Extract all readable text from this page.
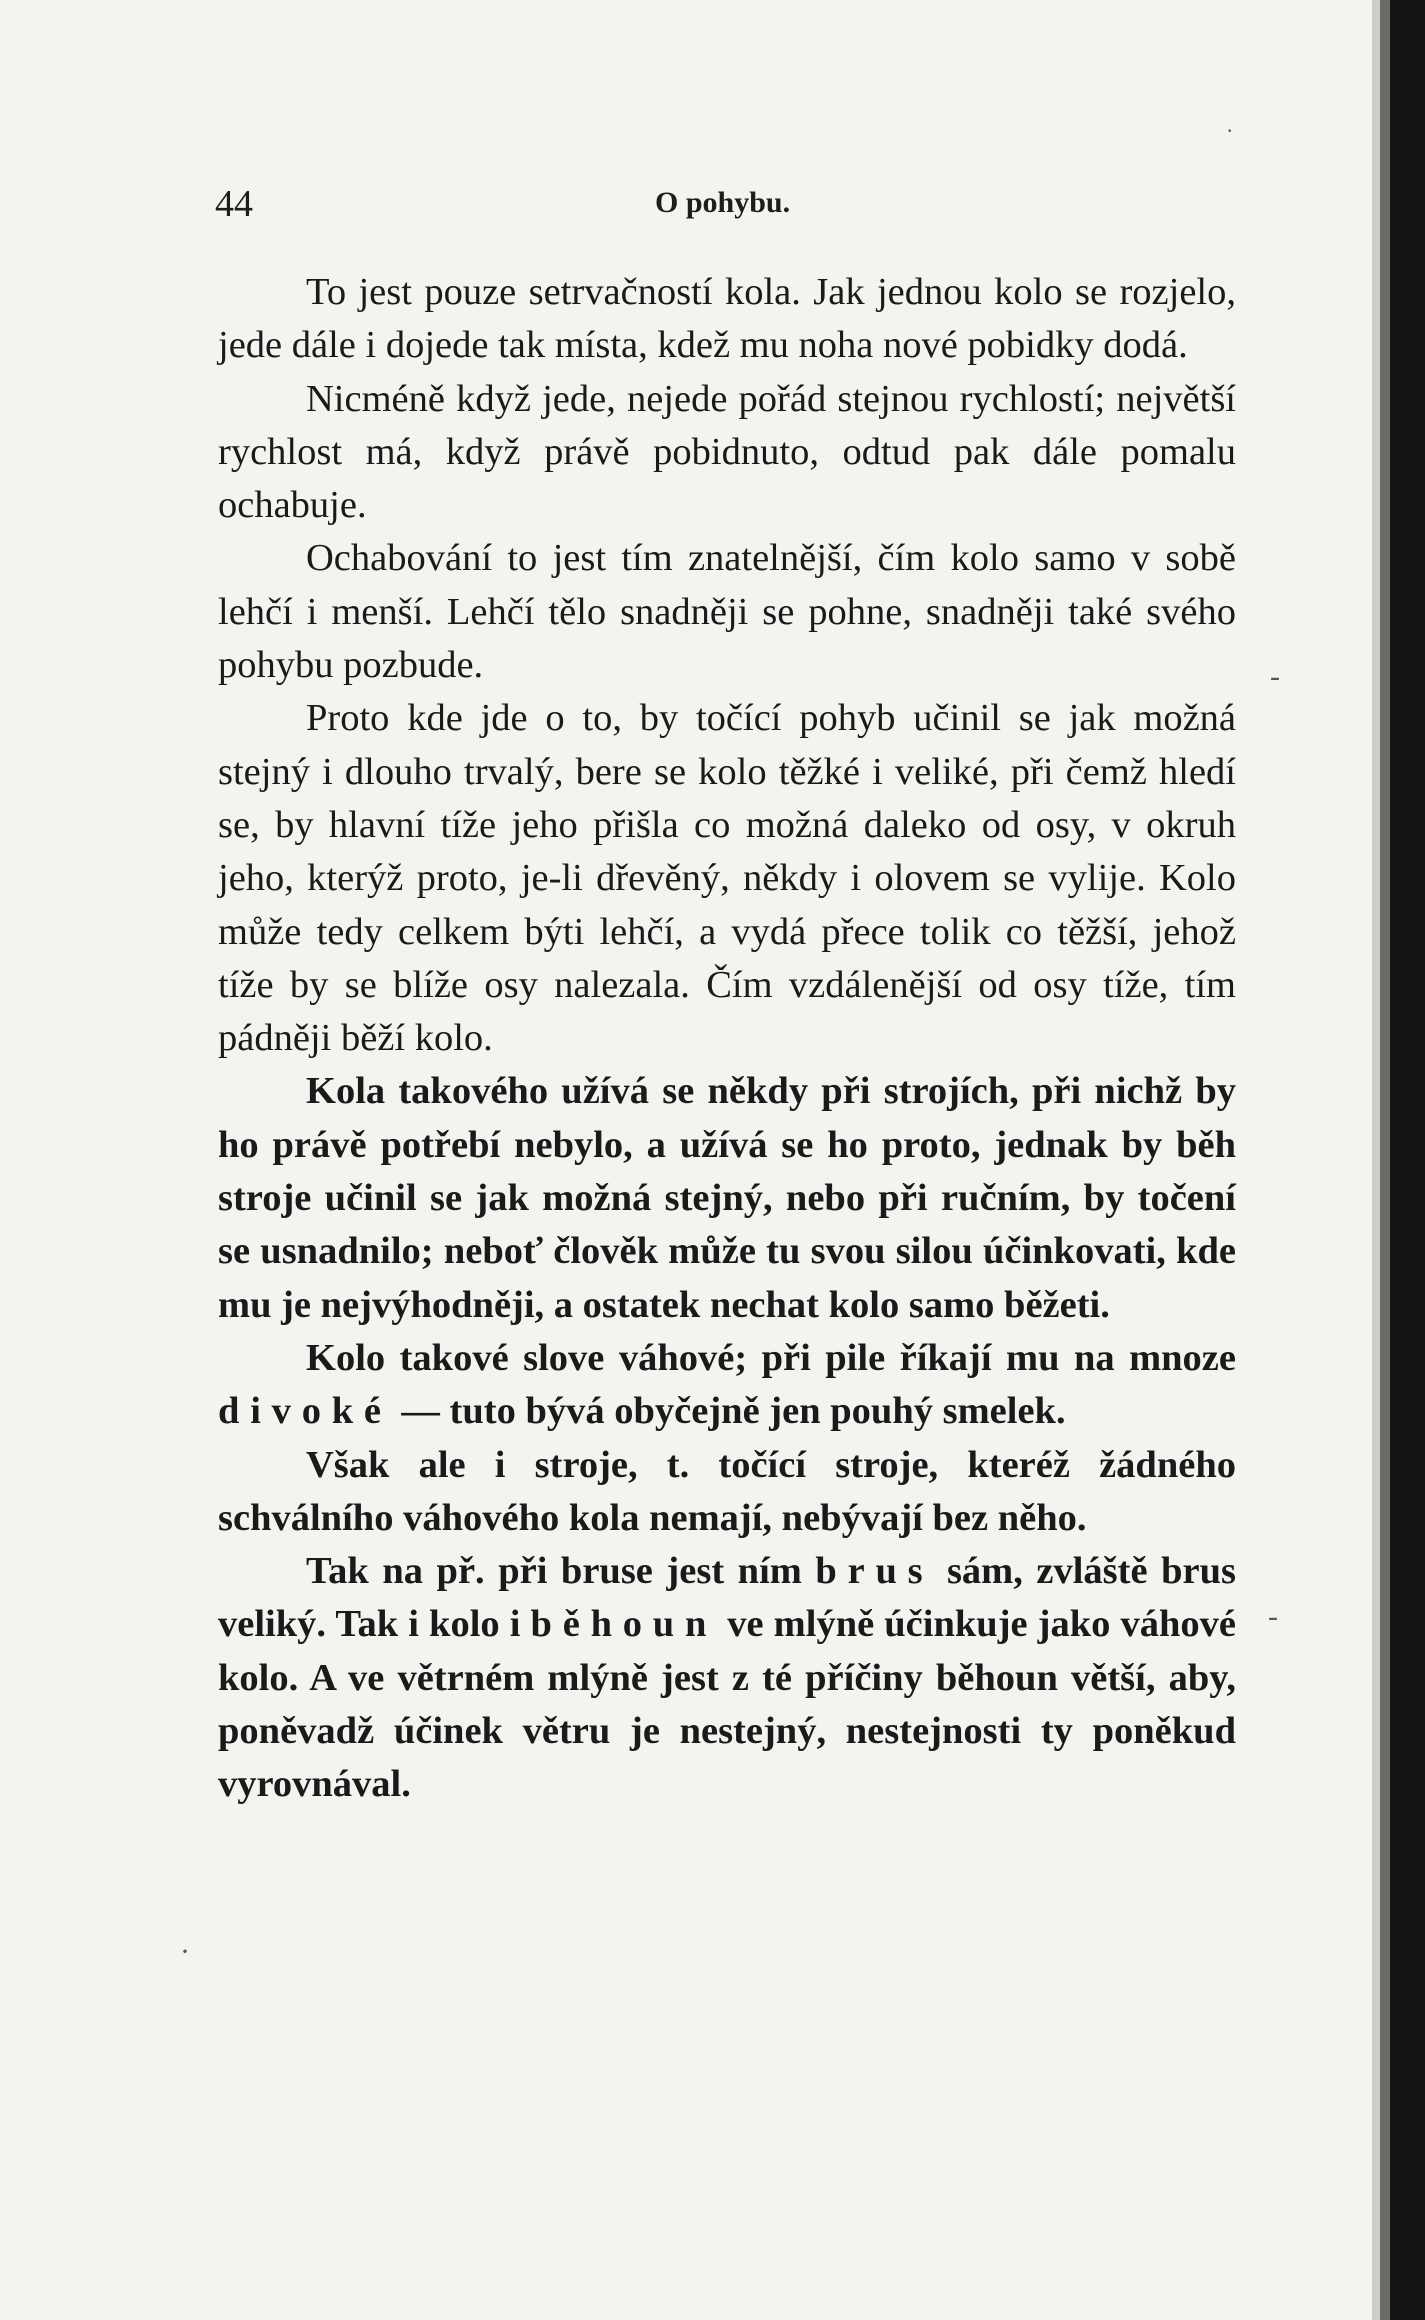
44	O pohybu.

To jest pouze setrvačností kola. Jak jednou kolo se rozjelo, jede dále i dojede tak místa, kdež mu noha nové pobidky dodá.

Nicméně když jede, nejede pořád stejnou rychlostí; největší rychlost má, když právě pobidnuto, odtud pak dále pomalu ochabuje.

Ochabování to jest tím znatelnější, čím kolo samo v sobě lehčí i menší. Lehčí tělo snadněji se pohne, snadněji také svého pohybu pozbude.

Proto kde jde o to, by točící pohyb učinil se jak možná stejný i dlouho trvalý, bere se kolo těžké i veliké, při čemž hledí se, by hlavní tíže jeho přišla co možná daleko od osy, v okruh jeho, kterýž proto, je-li dřevěný, někdy i olovem se vylije. Kolo může tedy celkem býti lehčí, a vydá přece tolik co těžší, jehož tíže by se blíže osy nalezala. Čím vzdálenější od osy tíže, tím pádněji běží kolo.

Kola takového užívá se někdy při strojích, při nichž by ho právě potřebí nebylo, a užívá se ho proto, jednak by běh stroje učinil se jak možná stejný, nebo při ručním, by točení se usnadnilo; neboť člověk může tu svou silou účinkovati, kde mu je nejvýhodněji, a ostatek nechat kolo samo běžeti.

Kolo takové slove váhové; při pile říkají mu na mnoze divoké — tuto bývá obyčejně jen pouhý smelek.

Však ale i stroje, t. točící stroje, kteréž žádného schválního váhového kola nemají, nebývají bez něho.

Tak na př. při bruse jest ním brus sám, zvláště brus veliký. Tak i kolo i běhoun ve mlýně účinkuje jako váhové kolo. A ve větrném mlýně jest z té příčiny běhoun větší, aby, poněvadž účinek větru je nestejný, nestejnosti ty poněkud vyrovnával.

·
-
-
·
